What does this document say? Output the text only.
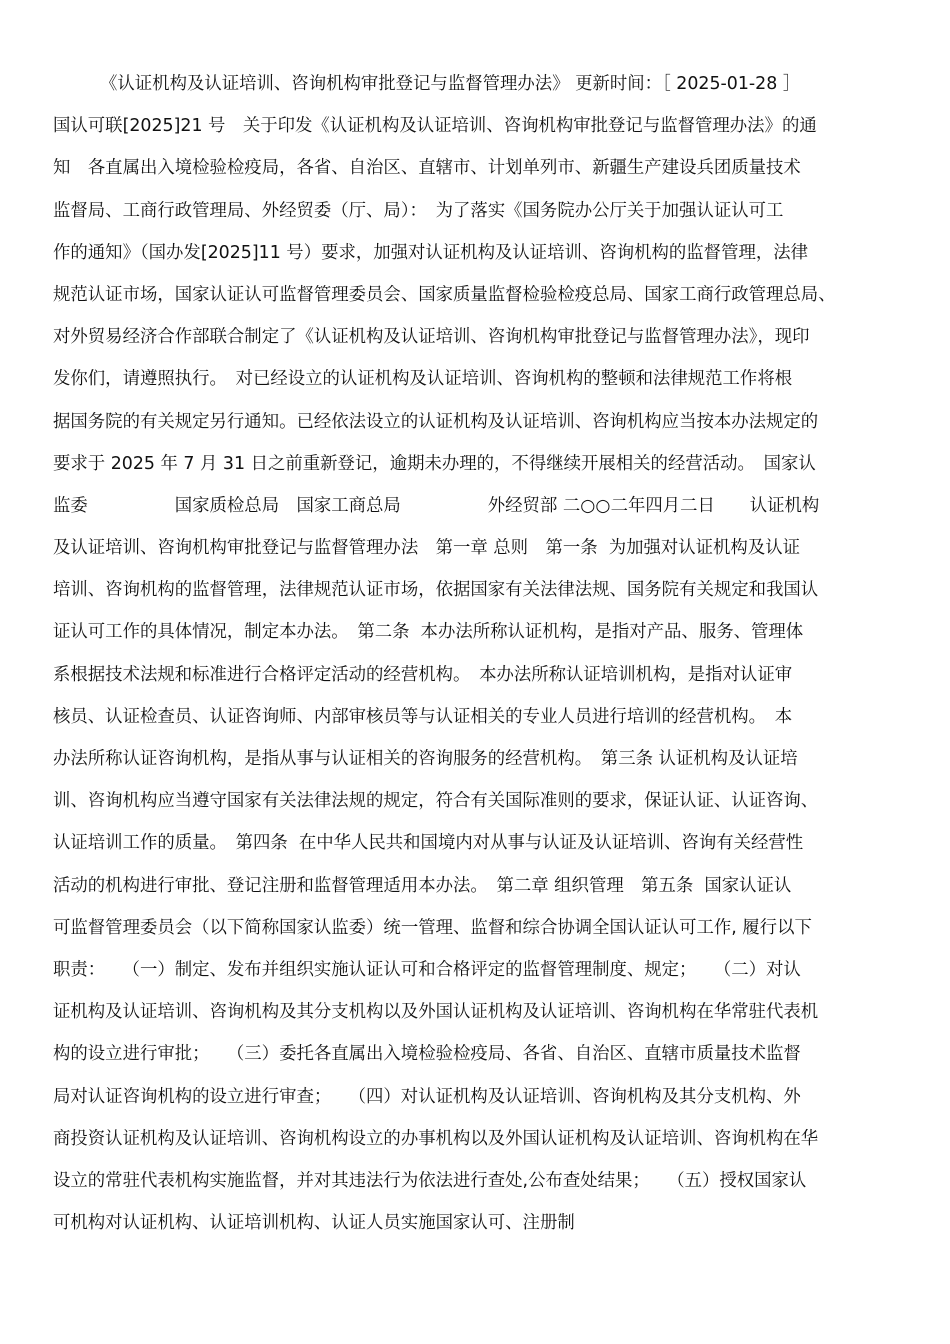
《认证机构及认证培训、咨询机构审批登记与监督管理办法》 更新时间：［ 2025-01-28 ］
国认可联[2025]21 号　关于印发《认证机构及认证培训、咨询机构审批登记与监督管理办法》的通
知　各直属出入境检验检疫局，各省、自治区、直辖市、计划单列市、新疆生产建设兵团质量技术
监督局、工商行政管理局、外经贸委（厅、局）：　为了落实《国务院办公厅关于加强认证认可工
作的通知》（国办发[2025]11 号）要求，加强对认证机构及认证培训、咨询机构的监督管理，法律
规范认证市场，国家认证认可监督管理委员会、国家质量监督检验检疫总局、国家工商行政管理总局、
对外贸易经济合作部联合制定了《认证机构及认证培训、咨询机构审批登记与监督管理办法》，现印
发你们，请遵照执行。　对已经设立的认证机构及认证培训、咨询机构的整顿和法律规范工作将根
据国务院的有关规定另行通知。已经依法设立的认证机构及认证培训、咨询机构应当按本办法规定的
要求于 2025 年 7 月 31 日之前重新登记，逾期未办理的，不得继续开展相关的经营活动。　国家认
监委　　　　　国家质检总局　国家工商总局　　　　　外经贸部 二○○二年四月二日　　认证机构
及认证培训、咨询机构审批登记与监督管理办法　第一章 总则　第一条  为加强对认证机构及认证
培训、咨询机构的监督管理，法律规范认证市场，依据国家有关法律法规、国务院有关规定和我国认
证认可工作的具体情况，制定本办法。　第二条  本办法所称认证机构，是指对产品、服务、管理体
系根据技术法规和标准进行合格评定活动的经营机构。　本办法所称认证培训机构，是指对认证审
核员、认证检查员、认证咨询师、内部审核员等与认证相关的专业人员进行培训的经营机构。　本
办法所称认证咨询机构，是指从事与认证相关的咨询服务的经营机构。　第三条 认证机构及认证培
训、咨询机构应当遵守国家有关法律法规的规定，符合有关国际准则的要求，保证认证、认证咨询、
认证培训工作的质量。　第四条  在中华人民共和国境内对从事与认证及认证培训、咨询有关经营性
活动的机构进行审批、登记注册和监督管理适用本办法。　第二章 组织管理　第五条  国家认证认
可监督管理委员会（以下简称国家认监委）统一管理、监督和综合协调全国认证认可工作, 履行以下
职责：　　（一）制定、发布并组织实施认证认可和合格评定的监督管理制度、规定；　　（二）对认
证机构及认证培训、咨询机构及其分支机构以及外国认证机构及认证培训、咨询机构在华常驻代表机
构的设立进行审批；　　（三）委托各直属出入境检验检疫局、各省、自治区、直辖市质量技术监督
局对认证咨询机构的设立进行审查；　　（四）对认证机构及认证培训、咨询机构及其分支机构、外
商投资认证机构及认证培训、咨询机构设立的办事机构以及外国认证机构及认证培训、咨询机构在华
设立的常驻代表机构实施监督，并对其违法行为依法进行查处,公布查处结果；　　（五）授权国家认
可机构对认证机构、认证培训机构、认证人员实施国家认可、注册制
